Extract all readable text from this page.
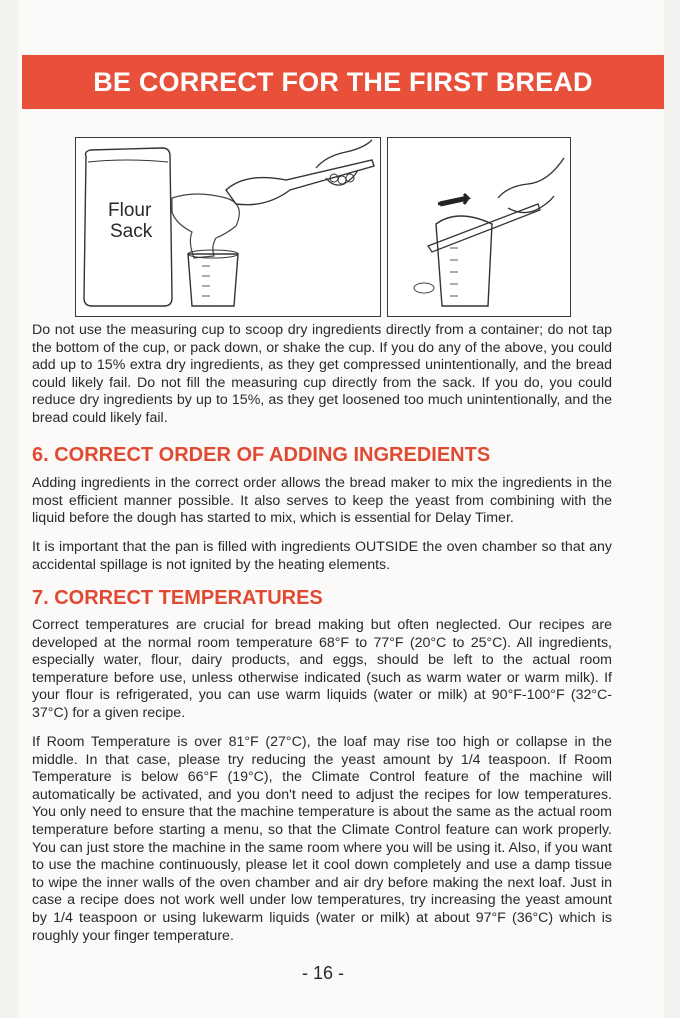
BE CORRECT FOR THE FIRST BREAD
Flour
Sack

Do not use the measuring cup to scoop dry ingredients directly from a container; do not tap the bottom of the cup, or pack down, or shake the cup. If you do any of the above, you could add up to 15% extra dry ingredients, as they get compressed unintentionally, and the bread could likely fail. Do not fill the measuring cup directly from the sack. If you do, you could reduce dry ingredients by up to 15%, as they get loosened too much unintentionally, and the bread could likely fail.

6. CORRECT ORDER OF ADDING INGREDIENTS

Adding ingredients in the correct order allows the bread maker to mix the ingredients in the most efficient manner possible. It also serves to keep the yeast from combining with the liquid before the dough has started to mix, which is essential for Delay Timer.

It is important that the pan is filled with ingredients OUTSIDE the oven chamber so that any accidental spillage is not ignited by the heating elements.

7. CORRECT TEMPERATURES

Correct temperatures are crucial for bread making but often neglected. Our recipes are developed at the normal room temperature 68°F to 77°F (20°C to 25°C). All ingredients, especially water, flour, dairy products, and eggs, should be left to the actual room temperature before use, unless otherwise indicated (such as warm water or warm milk). If your flour is refrigerated, you can use warm liquids (water or milk) at 90°F-100°F (32°C-37°C) for a given recipe.

If Room Temperature is over 81°F (27°C), the loaf may rise too high or collapse in the middle. In that case, please try reducing the yeast amount by 1/4 teaspoon. If Room Temperature is below 66°F (19°C), the Climate Control feature of the machine will automatically be activated, and you don't need to adjust the recipes for low temperatures. You only need to ensure that the machine temperature is about the same as the actual room temperature before starting a menu, so that the Climate Control feature can work properly. You can just store the machine in the same room where you will be using it. Also, if you want to use the machine continuously, please let it cool down completely and use a damp tissue to wipe the inner walls of the oven chamber and air dry before making the next loaf. Just in case a recipe does not work well under low temperatures, try increasing the yeast amount by 1/4 teaspoon or using lukewarm liquids (water or milk) at about 97°F (36°C) which is roughly your finger temperature.

- 16 -
